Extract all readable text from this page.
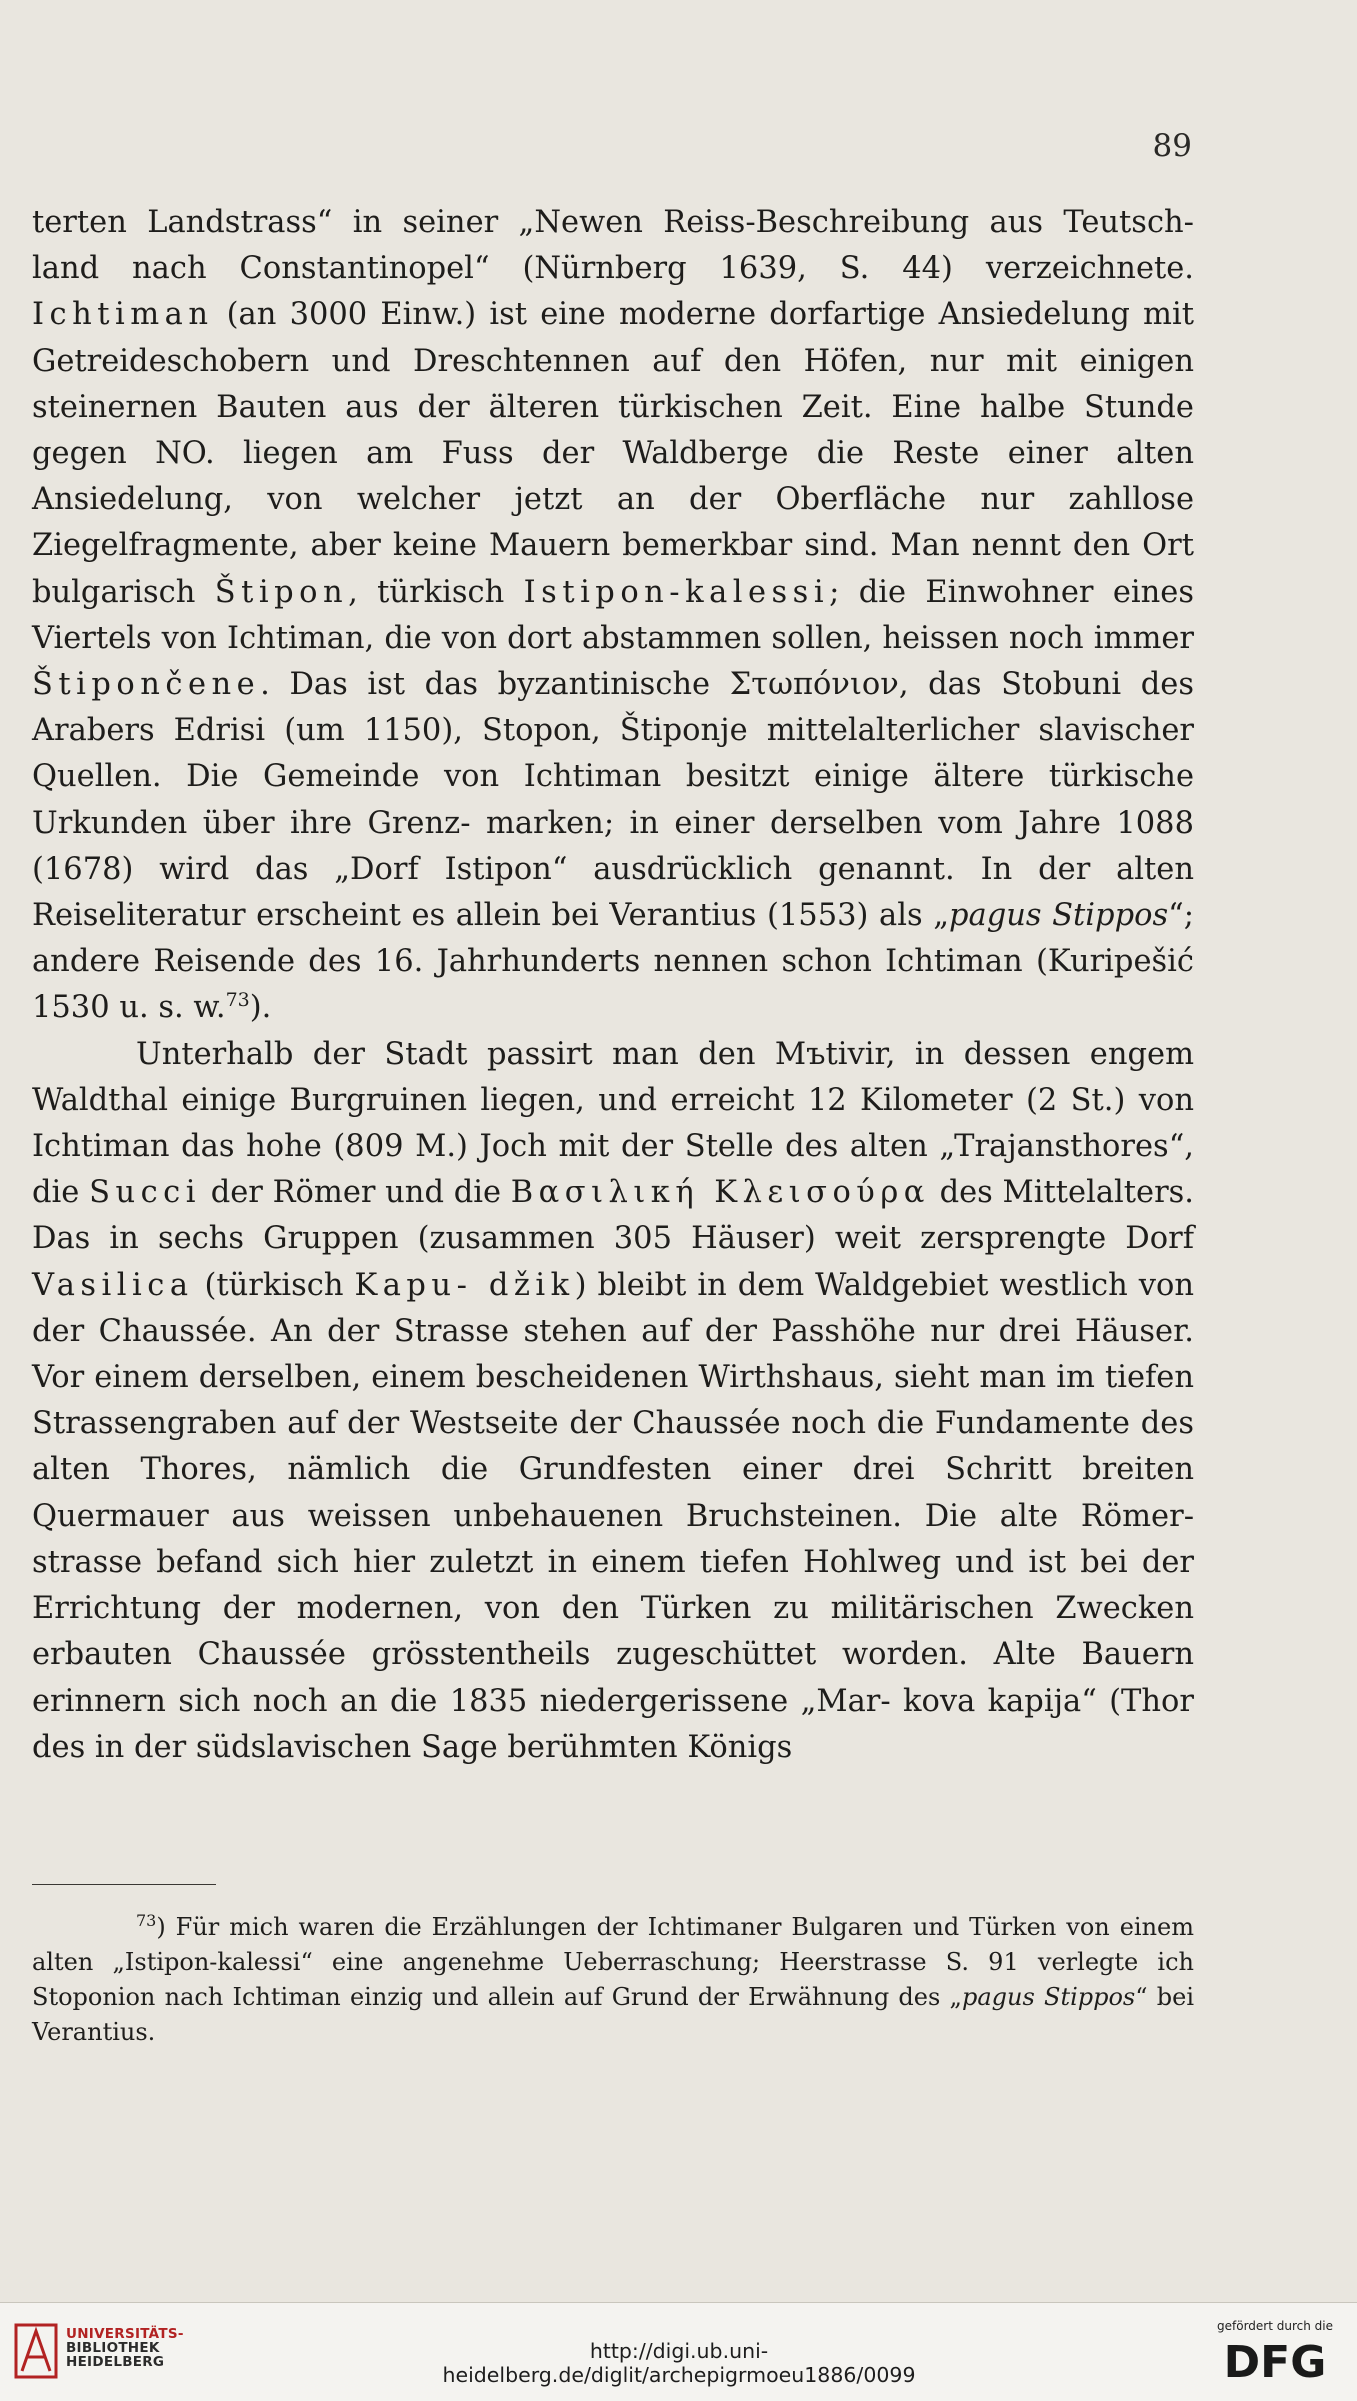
89

terten Landstrass“ in seiner „Newen Reiss-Beschreibung aus Teutsch- land nach Constantinopel“ (Nürnberg 1639, S. 44) verzeichnete. Ichtiman (an 3000 Einw.) ist eine moderne dorfartige Ansiedelung mit Getreideschobern und Dreschtennen auf den Höfen, nur mit einigen steinernen Bauten aus der älteren türkischen Zeit. Eine halbe Stunde gegen NO. liegen am Fuss der Waldberge die Reste einer alten Ansiedelung, von welcher jetzt an der Oberfläche nur zahllose Ziegelfragmente, aber keine Mauern bemerkbar sind. Man nennt den Ort bulgarisch Štipon, türkisch Istipon-kalessi; die Einwohner eines Viertels von Ichtiman, die von dort abstammen sollen, heissen noch immer Štipončene. Das ist das byzantinische Στωπόνιον, das Stobuni des Arabers Edrisi (um 1150), Stopon, Štiponje mittelalterlicher slavischer Quellen. Die Gemeinde von Ichtiman besitzt einige ältere türkische Urkunden über ihre Grenz- marken; in einer derselben vom Jahre 1088 (1678) wird das „Dorf Istipon“ ausdrücklich genannt. In der alten Reiseliteratur erscheint es allein bei Verantius (1553) als „pagus Stippos“; andere Reisende des 16. Jahrhunderts nennen schon Ichtiman (Kuripešić 1530 u. s. w.$^{73}$).

Unterhalb der Stadt passirt man den Mъtivir, in dessen engem Waldthal einige Burgruinen liegen, und erreicht 12 Kilometer (2 St.) von Ichtiman das hohe (809 M.) Joch mit der Stelle des alten „Trajansthores“, die Succi der Römer und die Βασιλική Κλεισούρα des Mittelalters. Das in sechs Gruppen (zusammen 305 Häuser) weit zersprengte Dorf Vasilica (türkisch Kapu- džik) bleibt in dem Waldgebiet westlich von der Chaussée. An der Strasse stehen auf der Passhöhe nur drei Häuser. Vor einem derselben, einem bescheidenen Wirthshaus, sieht man im tiefen Strassengraben auf der Westseite der Chaussée noch die Fundamente des alten Thores, nämlich die Grundfesten einer drei Schritt breiten Quermauer aus weissen unbehauenen Bruchsteinen. Die alte Römer- strasse befand sich hier zuletzt in einem tiefen Hohlweg und ist bei der Errichtung der modernen, von den Türken zu militärischen Zwecken erbauten Chaussée grösstentheils zugeschüttet worden. Alte Bauern erinnern sich noch an die 1835 niedergerissene „Mar- kova kapija“ (Thor des in der südslavischen Sage berühmten Königs

$^{73}$) Für mich waren die Erzählungen der Ichtimaner Bulgaren und Türken von einem alten „Istipon-kalessi“ eine angenehme Ueberraschung; Heerstrasse S. 91 verlegte ich Stoponion nach Ichtiman einzig und allein auf Grund der Erwähnung des „pagus Stippos“ bei Verantius.

UNIVERSITÄTS-
BIBLIOTHEK
HEIDELBERG	http://digi.ub.uni-heidelberg.de/diglit/archepigrmoeu1886/0099
gefördert durch die
DFG
